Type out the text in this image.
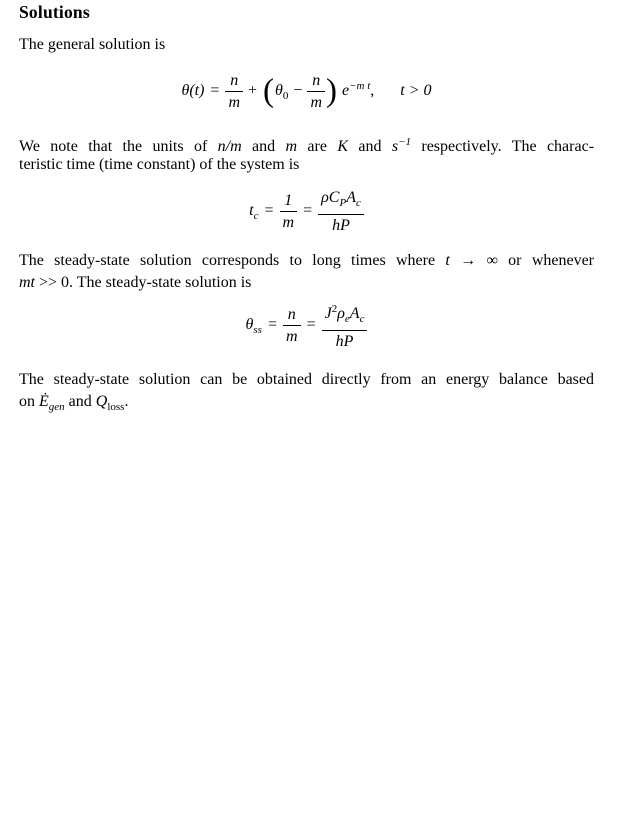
Solutions
The general solution is
$\theta(t) = \frac{n}{m} + (\theta_0 - \frac{n}{m}$ ) $e^{-m t}$, t > 0
We note that the units of n/m and m are K and $s^{-1}$ respectively. The charac-
teristic time (time constant) of the system is
$t_c = \frac{1}{m} = \frac{\rho C_PA_c}{hP}$
The steady-state solution corresponds to long times where t → ∞ or whenever
mt >> 0. The steady-state solution is
$\theta_{ss} = \frac{n}{m} = \frac{J^2\rho_eA_c}{hP}$
The steady-state solution can be obtained directly from an energy balance based
on $Ė_{gen}$ and $Q_{loss}$.
